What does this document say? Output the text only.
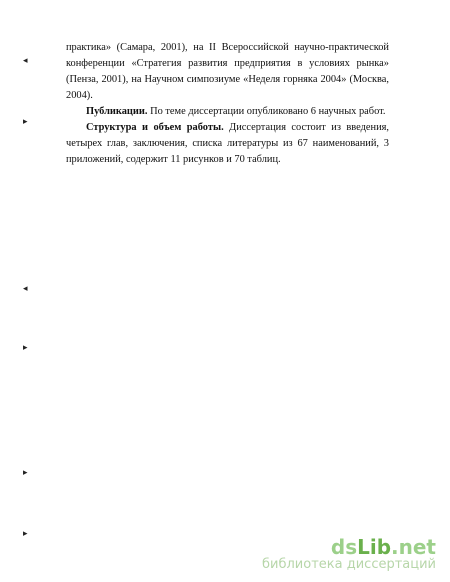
практика» (Самара, 2001), на II Всероссийской научно-практической конференции «Стратегия развития предприятия в условиях рынка» (Пенза, 2001), на Научном симпозиуме «Неделя горняка 2004» (Москва, 2004).

Публикации. По теме диссертации опубликовано 6 научных работ.

Структура и объем работы. Диссертация состоит из введения, четырех глав, заключения, списка литературы из 67 наименований, 3 приложений, содержит 11 рисунков и 70 таблиц.

◂
▸
◂
▸
▸
▸
dsLib.net
библиотека диссертаций
